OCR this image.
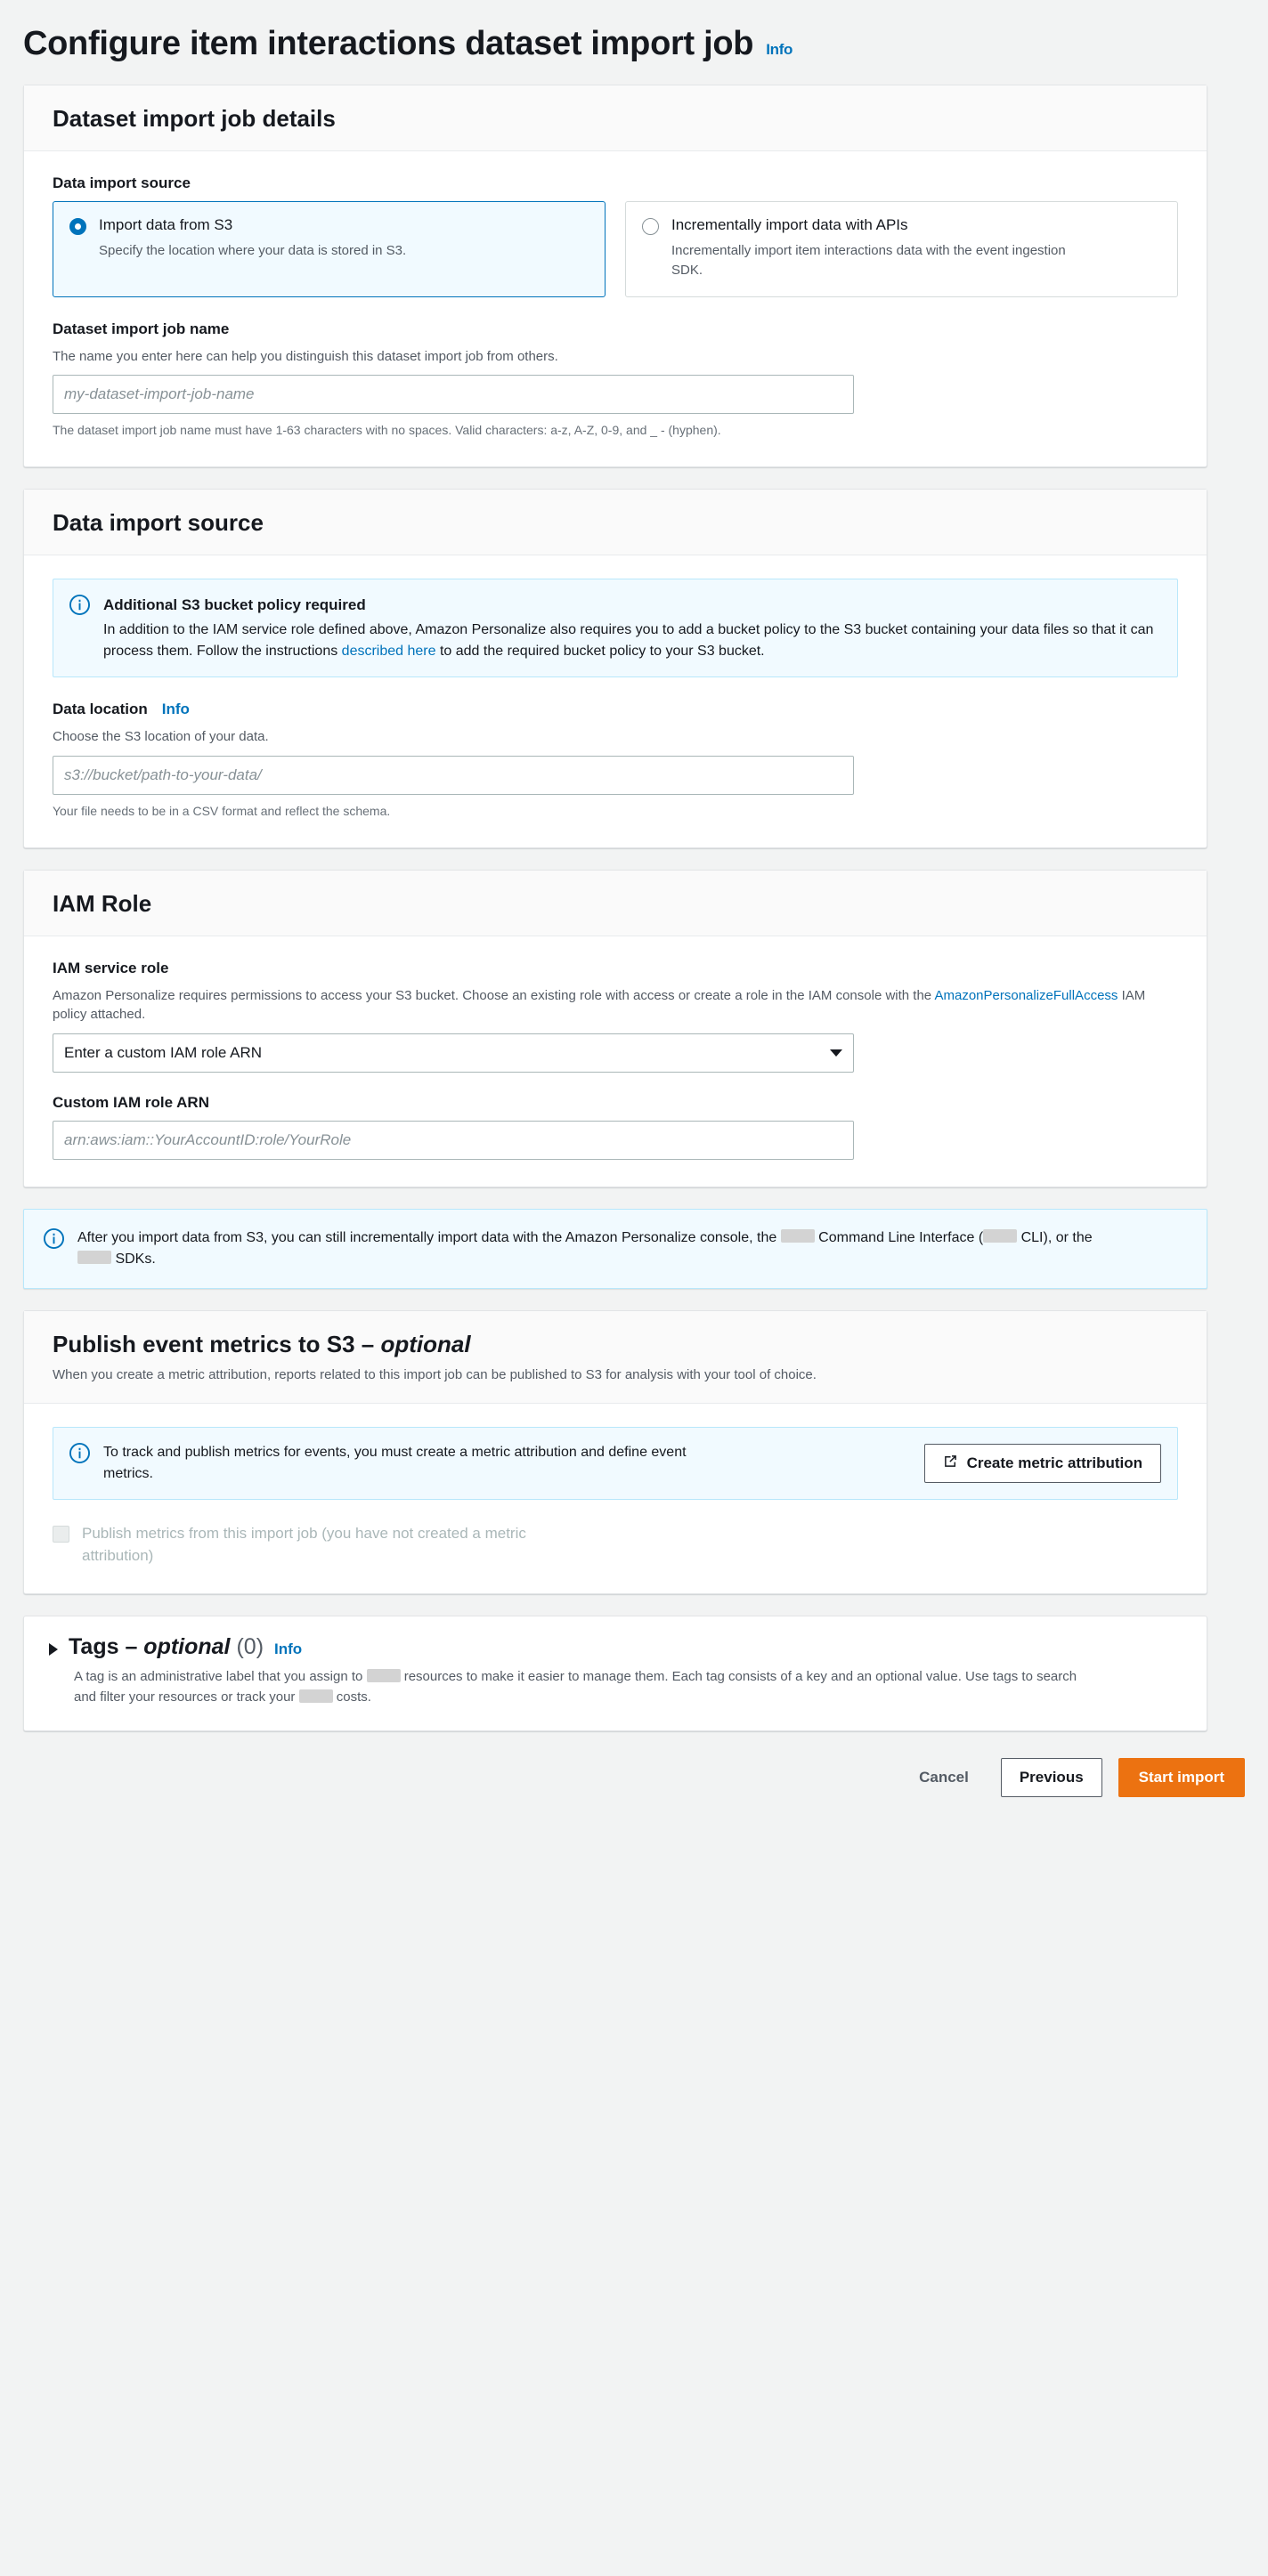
Configure item interactions dataset import job Info
Dataset import job details
Data import source
Import data from S3
Specify the location where your data is stored in S3.
Incrementally import data with APIs
Incrementally import item interactions data with the event ingestion SDK.
Dataset import job name
The name you enter here can help you distinguish this dataset import job from others.
my-dataset-import-job-name
The dataset import job name must have 1-63 characters with no spaces. Valid characters: a-z, A-Z, 0-9, and _ - (hyphen).
Data import source
Additional S3 bucket policy required
In addition to the IAM service role defined above, Amazon Personalize also requires you to add a bucket policy to the S3 bucket containing your data files so that it can process them. Follow the instructions described here to add the required bucket policy to your S3 bucket.
Data location Info
Choose the S3 location of your data.
s3://bucket/path-to-your-data/
Your file needs to be in a CSV format and reflect the schema.
IAM Role
IAM service role
Amazon Personalize requires permissions to access your S3 bucket. Choose an existing role with access or create a role in the IAM console with the AmazonPersonalizeFullAccess IAM policy attached.
Enter a custom IAM role ARN
Custom IAM role ARN
arn:aws:iam::YourAccountID:role/YourRole
After you import data from S3, you can still incrementally import data with the Amazon Personalize console, the  Command Line Interface ( CLI), or the  SDKs.
Publish event metrics to S3 – optional
When you create a metric attribution, reports related to this import job can be published to S3 for analysis with your tool of choice.
To track and publish metrics for events, you must create a metric attribution and define event metrics.
Create metric attribution
Publish metrics from this import job (you have not created a metric attribution)
Tags – optional (0) Info
A tag is an administrative label that you assign to	resources to make it easier to manage them. Each tag consists of a key and an optional value. Use tags to search and filter your resources or track your	costs.
Cancel	Previous	Start import
